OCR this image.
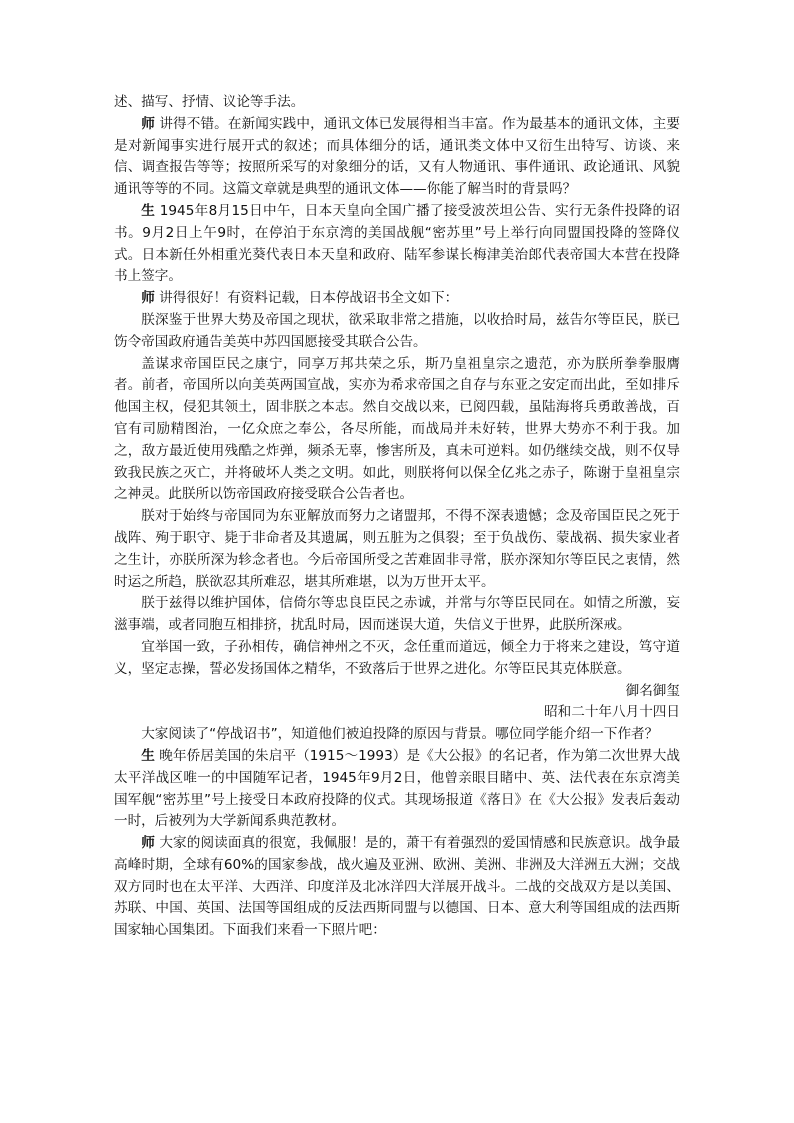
述、描写、抒情、议论等手法。

师 讲得不错。在新闻实践中，通讯文体已发展得相当丰富。作为最基本的通讯文体，主要是对新闻事实进行展开式的叙述；而具体细分的话，通讯类文体中又衍生出特写、访谈、来信、调查报告等等；按照所采写的对象细分的话，又有人物通讯、事件通讯、政论通讯、风貌通讯等等的不同。这篇文章就是典型的通讯文体——你能了解当时的背景吗？

生 1945年8月15日中午，日本天皇向全国广播了接受波茨坦公告、实行无条件投降的诏书。9月2日上午9时，在停泊于东京湾的美国战舰“密苏里”号上举行向同盟国投降的签降仪式。日本新任外相重光葵代表日本天皇和政府、陆军参谋长梅津美治郎代表帝国大本营在投降书上签字。

师 讲得很好！有资料记载，日本停战诏书全文如下：

朕深鉴于世界大势及帝国之现状，欲采取非常之措施，以收拾时局，兹告尔等臣民，朕已饬令帝国政府通告美英中苏四国愿接受其联合公告。

盖谋求帝国臣民之康宁，同享万邦共荣之乐，斯乃皇祖皇宗之遗范，亦为朕所拳拳服膺者。前者，帝国所以向美英两国宣战，实亦为希求帝国之自存与东亚之安定而出此，至如排斥他国主权，侵犯其领土，固非朕之本志。然自交战以来，已阅四载，虽陆海将兵勇敢善战，百官有司励精图治，一亿众庶之奉公，各尽所能，而战局并未好转，世界大势亦不利于我。加之，敌方最近使用残酷之炸弹，频杀无辜，惨害所及，真未可逆料。如仍继续交战，则不仅导致我民族之灭亡，并将破坏人类之文明。如此，则朕将何以保全亿兆之赤子，陈谢于皇祖皇宗之神灵。此朕所以饬帝国政府接受联合公告者也。

朕对于始终与帝国同为东亚解放而努力之诸盟邦，不得不深表遗憾；念及帝国臣民之死于战阵、殉于职守、毙于非命者及其遗属，则五脏为之俱裂；至于负战伤、蒙战祸、损失家业者之生计，亦朕所深为轸念者也。今后帝国所受之苦难固非寻常，朕亦深知尔等臣民之衷情，然时运之所趋，朕欲忍其所难忍，堪其所难堪，以为万世开太平。

朕于兹得以维护国体，信倚尔等忠良臣民之赤诚，并常与尔等臣民同在。如情之所激，妄滋事端，或者同胞互相排挤，扰乱时局，因而迷误大道，失信义于世界，此朕所深戒。

宜举国一致，子孙相传，确信神州之不灭，念任重而道远，倾全力于将来之建设，笃守道义，坚定志操，誓必发扬国体之精华，不致落后于世界之进化。尔等臣民其克体朕意。

御名御玺

昭和二十年八月十四日

大家阅读了“停战诏书”，知道他们被迫投降的原因与背景。哪位同学能介绍一下作者？

生 晚年侨居美国的朱启平（1915～1993）是《大公报》的名记者，作为第二次世界大战太平洋战区唯一的中国随军记者，1945年9月2日，他曾亲眼目睹中、英、法代表在东京湾美国军舰“密苏里”号上接受日本政府投降的仪式。其现场报道《落日》在《大公报》发表后轰动一时，后被列为大学新闻系典范教材。

师 大家的阅读面真的很宽，我佩服！是的，萧干有着强烈的爱国情感和民族意识。战争最高峰时期，全球有60%的国家参战，战火遍及亚洲、欧洲、美洲、非洲及大洋洲五大洲；交战双方同时也在太平洋、大西洋、印度洋及北冰洋四大洋展开战斗。二战的交战双方是以美国、苏联、中国、英国、法国等国组成的反法西斯同盟与以德国、日本、意大利等国组成的法西斯国家轴心国集团。下面我们来看一下照片吧：
